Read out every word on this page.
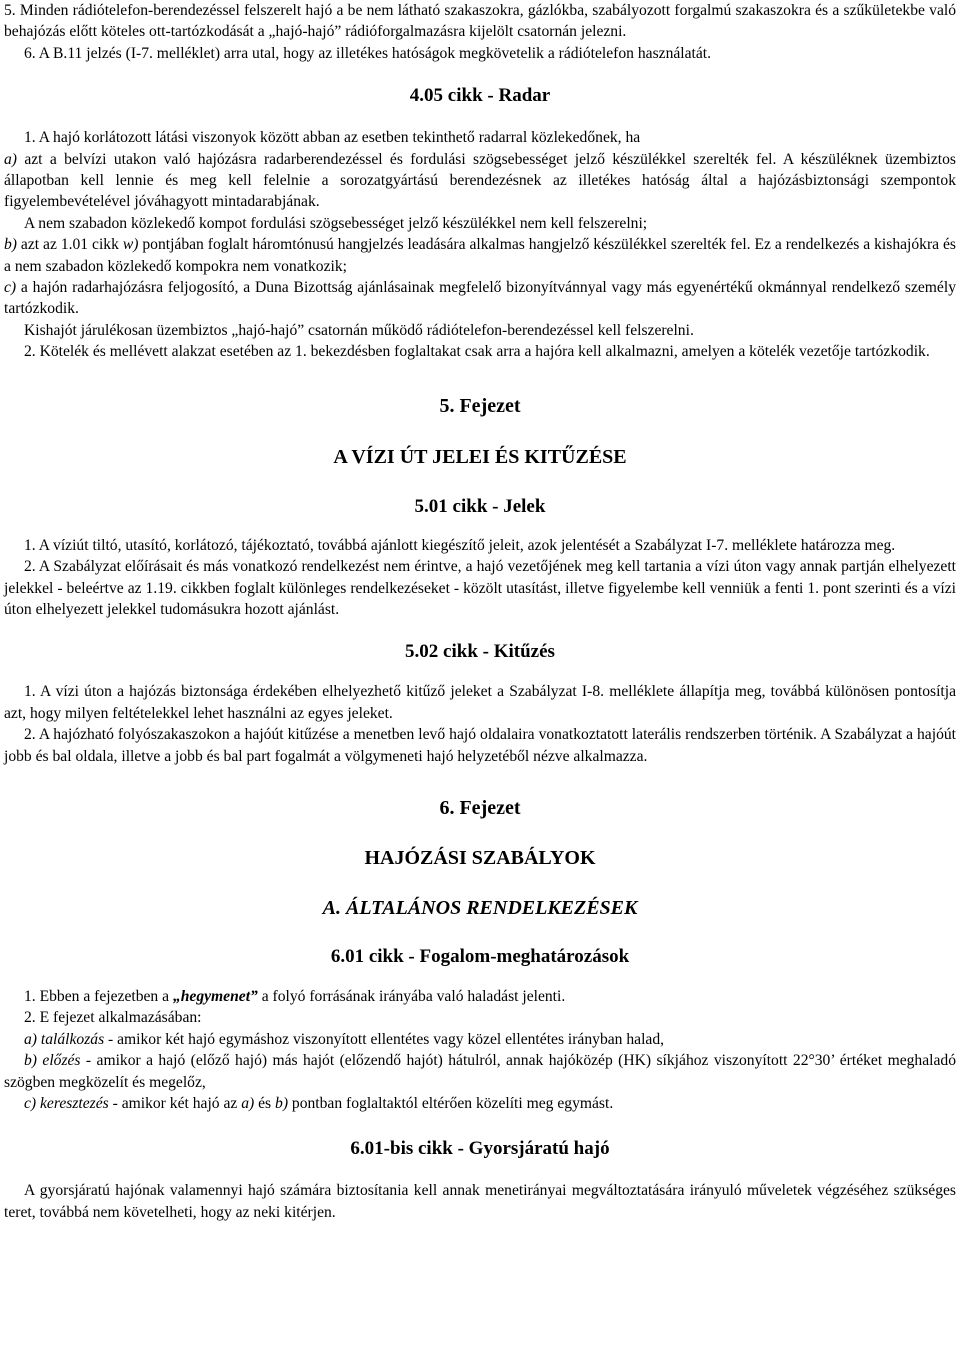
5. Minden rádiótelefon-berendezéssel felszerelt hajó a be nem látható szakaszokra, gázlókba, szabályozott forgalmú szakaszokra és a szűkületekbe való behajózás előtt köteles ott-tartózkodását a „hajó-hajó” rádióforgalmazásra kijelölt csatornán jelezni.

6. A B.11 jelzés (I-7. melléklet) arra utal, hogy az illetékes hatóságok megkövetelik a rádiótelefon használatát.

4.05 cikk - Radar

1. A hajó korlátozott látási viszonyok között abban az esetben tekinthető radarral közlekedőnek, ha

a) azt a belvízi utakon való hajózásra radarberendezéssel és fordulási szögsebességet jelző készülékkel szerelték fel. A készüléknek üzembiztos állapotban kell lennie és meg kell felelnie a sorozatgyártású berendezésnek az illetékes hatóság által a hajózásbiztonsági szempontok figyelembevételével jóváhagyott mintadarabjának.

A nem szabadon közlekedő kompot fordulási szögsebességet jelző készülékkel nem kell felszerelni;

b) azt az 1.01 cikk w) pontjában foglalt háromtónusú hangjelzés leadására alkalmas hangjelző készülékkel szerelték fel. Ez a rendelkezés a kishajókra és a nem szabadon közlekedő kompokra nem vonatkozik;

c) a hajón radarhajózásra feljogosító, a Duna Bizottság ajánlásainak megfelelő bizonyítvánnyal vagy más egyenértékű okmánnyal rendelkező személy tartózkodik.

Kishajót járulékosan üzembiztos „hajó-hajó” csatornán működő rádiótelefon-berendezéssel kell felszerelni.

2. Kötelék és mellévett alakzat esetében az 1. bekezdésben foglaltakat csak arra a hajóra kell alkalmazni, amelyen a kötelék vezetője tartózkodik.

5. Fejezet
A VÍZI ÚT JELEI ÉS KITŰZÉSE
5.01 cikk - Jelek

1. A víziút tiltó, utasító, korlátozó, tájékoztató, továbbá ajánlott kiegészítő jeleit, azok jelentését a Szabályzat I-7. melléklete határozza meg.

2. A Szabályzat előírásait és más vonatkozó rendelkezést nem érintve, a hajó vezetőjének meg kell tartania a vízi úton vagy annak partján elhelyezett jelekkel - beleértve az 1.19. cikkben foglalt különleges rendelkezéseket - közölt utasítást, illetve figyelembe kell venniük a fenti 1. pont szerinti és a vízi úton elhelyezett jelekkel tudomásukra hozott ajánlást.

5.02 cikk - Kitűzés

1. A vízi úton a hajózás biztonsága érdekében elhelyezhető kitűző jeleket a Szabályzat I-8. melléklete állapítja meg, továbbá különösen pontosítja azt, hogy milyen feltételekkel lehet használni az egyes jeleket.

2. A hajózható folyószakaszokon a hajóút kitűzése a menetben levő hajó oldalaira vonatkoztatott laterális rendszerben történik. A Szabályzat a hajóút jobb és bal oldala, illetve a jobb és bal part fogalmát a völgymeneti hajó helyzetéből nézve alkalmazza.

6. Fejezet
HAJÓZÁSI SZABÁLYOK
A. ÁLTALÁNOS RENDELKEZÉSEK
6.01 cikk - Fogalom-meghatározások

1. Ebben a fejezetben a „hegymenet” a folyó forrásának irányába való haladást jelenti.

2. E fejezet alkalmazásában:

a) találkozás - amikor két hajó egymáshoz viszonyított ellentétes vagy közel ellentétes irányban halad,

b) előzés - amikor a hajó (előző hajó) más hajót (előzendő hajót) hátulról, annak hajóközép (HK) síkjához viszonyított 22°30’ értéket meghaladó szögben megközelít és megelőz,

c) keresztezés - amikor két hajó az a) és b) pontban foglaltaktól eltérően közelíti meg egymást.

6.01-bis cikk - Gyorsjáratú hajó

A gyorsjáratú hajónak valamennyi hajó számára biztosítania kell annak menetirányai megváltoztatására irányuló műveletek végzéséhez szükséges teret, továbbá nem követelheti, hogy az neki kitérjen.
